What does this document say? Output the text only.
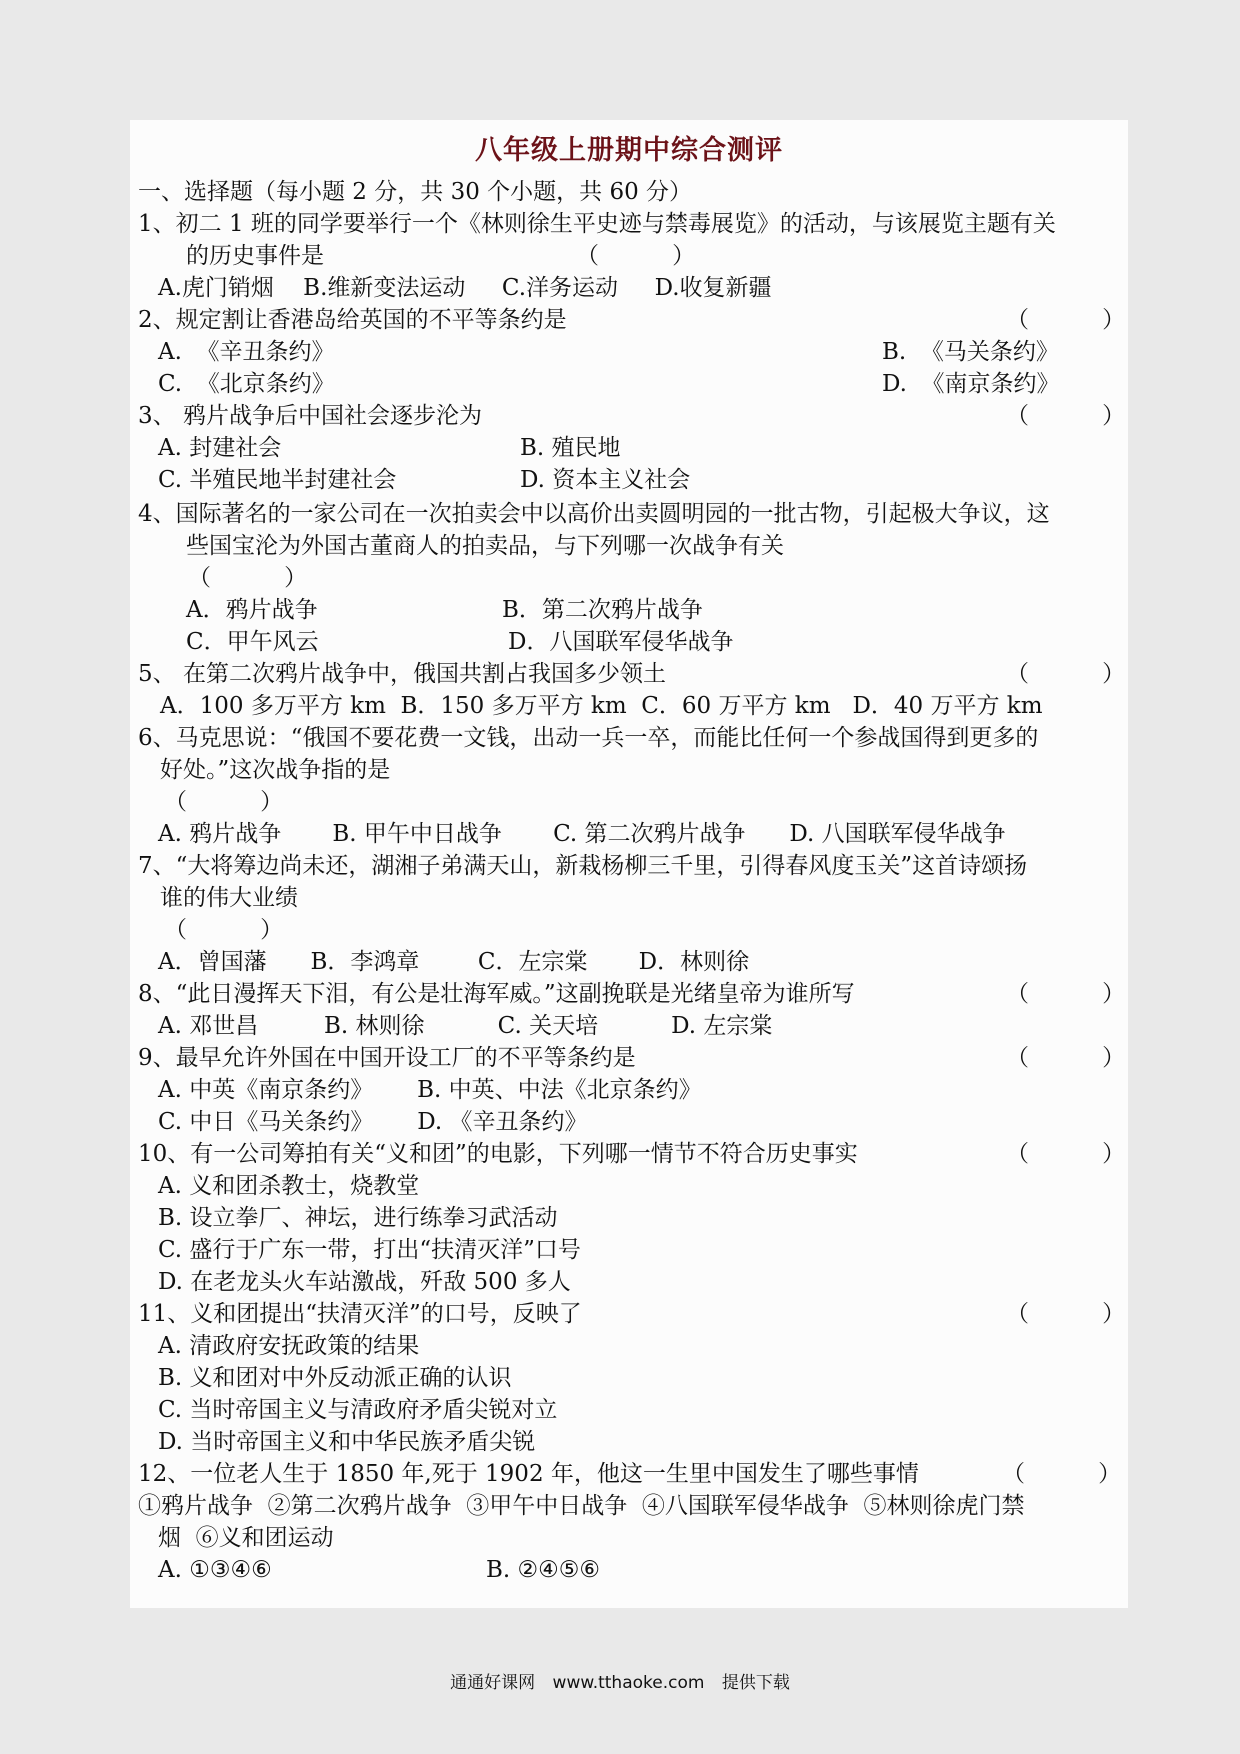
八年级上册期中综合测评
一、选择题（每小题 2 分，共 30 个小题，共 60 分）
1、初二 1 班的同学要举行一个《林则徐生平史迹与禁毒展览》的活动，与该展览主题有关
的历史事件是	（          ）
A.虎门销烟    B.维新变法运动     C.洋务运动     D.收复新疆
2、规定割让香港岛给英国的不平等条约是	（          ）
A.  《辛丑条约》	B.  《马关条约》
C.  《北京条约》	D.  《南京条约》
3、 鸦片战争后中国社会逐步沦为	（          ）
A. 封建社会	B. 殖民地
C. 半殖民地半封建社会	D. 资本主义社会
4、国际著名的一家公司在一次拍卖会中以高价出卖圆明园的一批古物，引起极大争议，这
些国宝沦为外国古董商人的拍卖品，与下列哪一次战争有关
（          ）
A．鸦片战争	B．第二次鸦片战争
C．甲午风云	D．八国联军侵华战争
5、 在第二次鸦片战争中，俄国共割占我国多少领土	（          ）
A．100 多万平方 km  B．150 多万平方 km  C．60 万平方 km   D．40 万平方 km
6、马克思说：“俄国不要花费一文钱，出动一兵一卒，而能比任何一个参战国得到更多的
好处。”这次战争指的是
（          ）
A. 鸦片战争       B. 甲午中日战争       C. 第二次鸦片战争      D. 八国联军侵华战争
7、“大将筹边尚未还，湖湘子弟满天山，新栽杨柳三千里，引得春风度玉关”这首诗颂扬
谁的伟大业绩
（          ）
A．曾国藩      B．李鸿章        C．左宗棠       D．林则徐
8、“此日漫挥天下泪，有公是壮海军威。”这副挽联是光绪皇帝为谁所写	（          ）
A. 邓世昌         B. 林则徐          C. 关天培          D. 左宗棠
9、最早允许外国在中国开设工厂的不平等条约是	（          ）
A. 中英《南京条约》      B. 中英、中法《北京条约》
C. 中日《马关条约》      D. 《辛丑条约》
10、有一公司筹拍有关“义和团”的电影，下列哪一情节不符合历史事实	（          ）
A. 义和团杀教士，烧教堂
B. 设立拳厂、神坛，进行练拳习武活动
C. 盛行于广东一带，打出“扶清灭洋”口号
D. 在老龙头火车站激战，歼敌 500 多人
11、义和团提出“扶清灭洋”的口号，反映了	（          ）
A. 清政府安抚政策的结果
B. 义和团对中外反动派正确的认识
C. 当时帝国主义与清政府矛盾尖锐对立
D. 当时帝国主义和中华民族矛盾尖锐
12、一位老人生于 1850 年,死于 1902 年，他这一生里中国发生了哪些事情	（          ）
①鸦片战争  ②第二次鸦片战争  ③甲午中日战争  ④八国联军侵华战争  ⑤林则徐虎门禁
烟  ⑥义和团运动
A. ①③④⑥	B. ②④⑤⑥
通通好课网 www.tthaoke.com 提供下载
